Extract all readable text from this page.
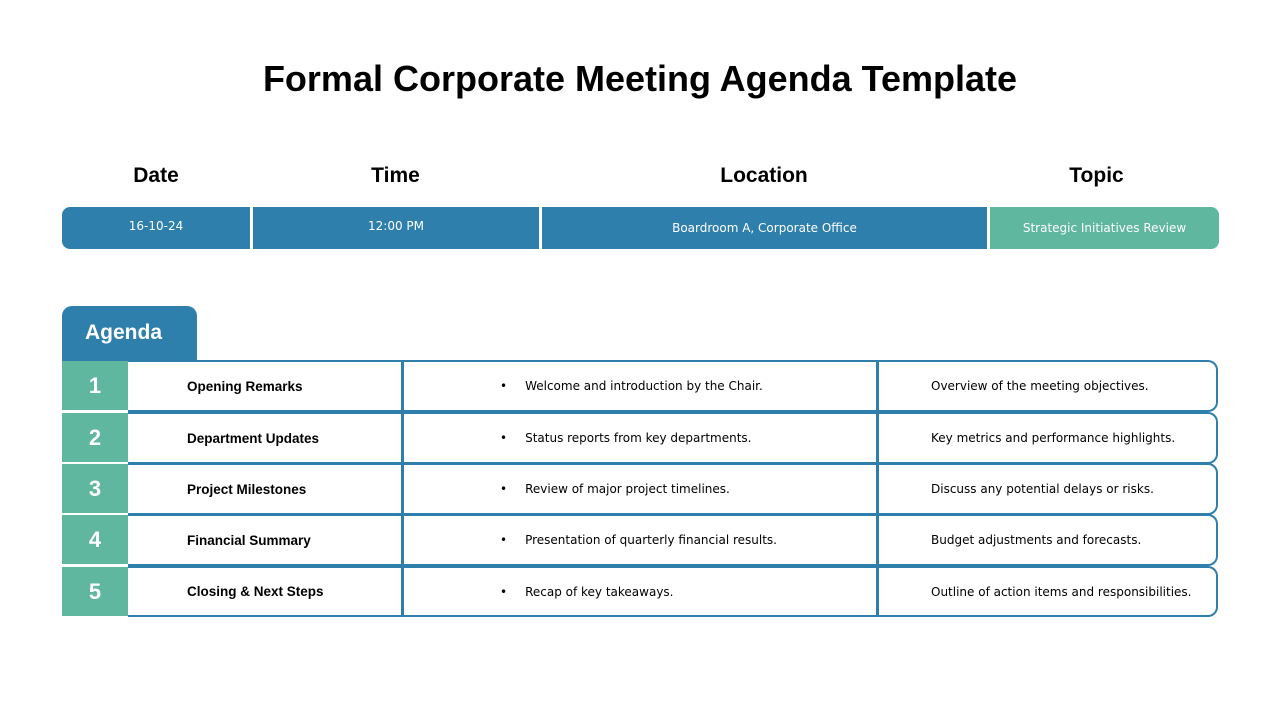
Formal Corporate Meeting Agenda Template
Date	Time	Location	Topic
16-10-24	12:00 PM	Boardroom A, Corporate Office	Strategic Initiatives Review
Agenda
1	Opening Remarks	• Welcome and introduction by the Chair.	Overview of the meeting objectives.
2	Department Updates	• Status reports from key departments.	Key metrics and performance highlights.
3	Project Milestones	• Review of major project timelines.	Discuss any potential delays or risks.
4	Financial Summary	• Presentation of quarterly financial results.	Budget adjustments and forecasts.
5	Closing & Next Steps	• Recap of key takeaways.	Outline of action items and responsibilities.
